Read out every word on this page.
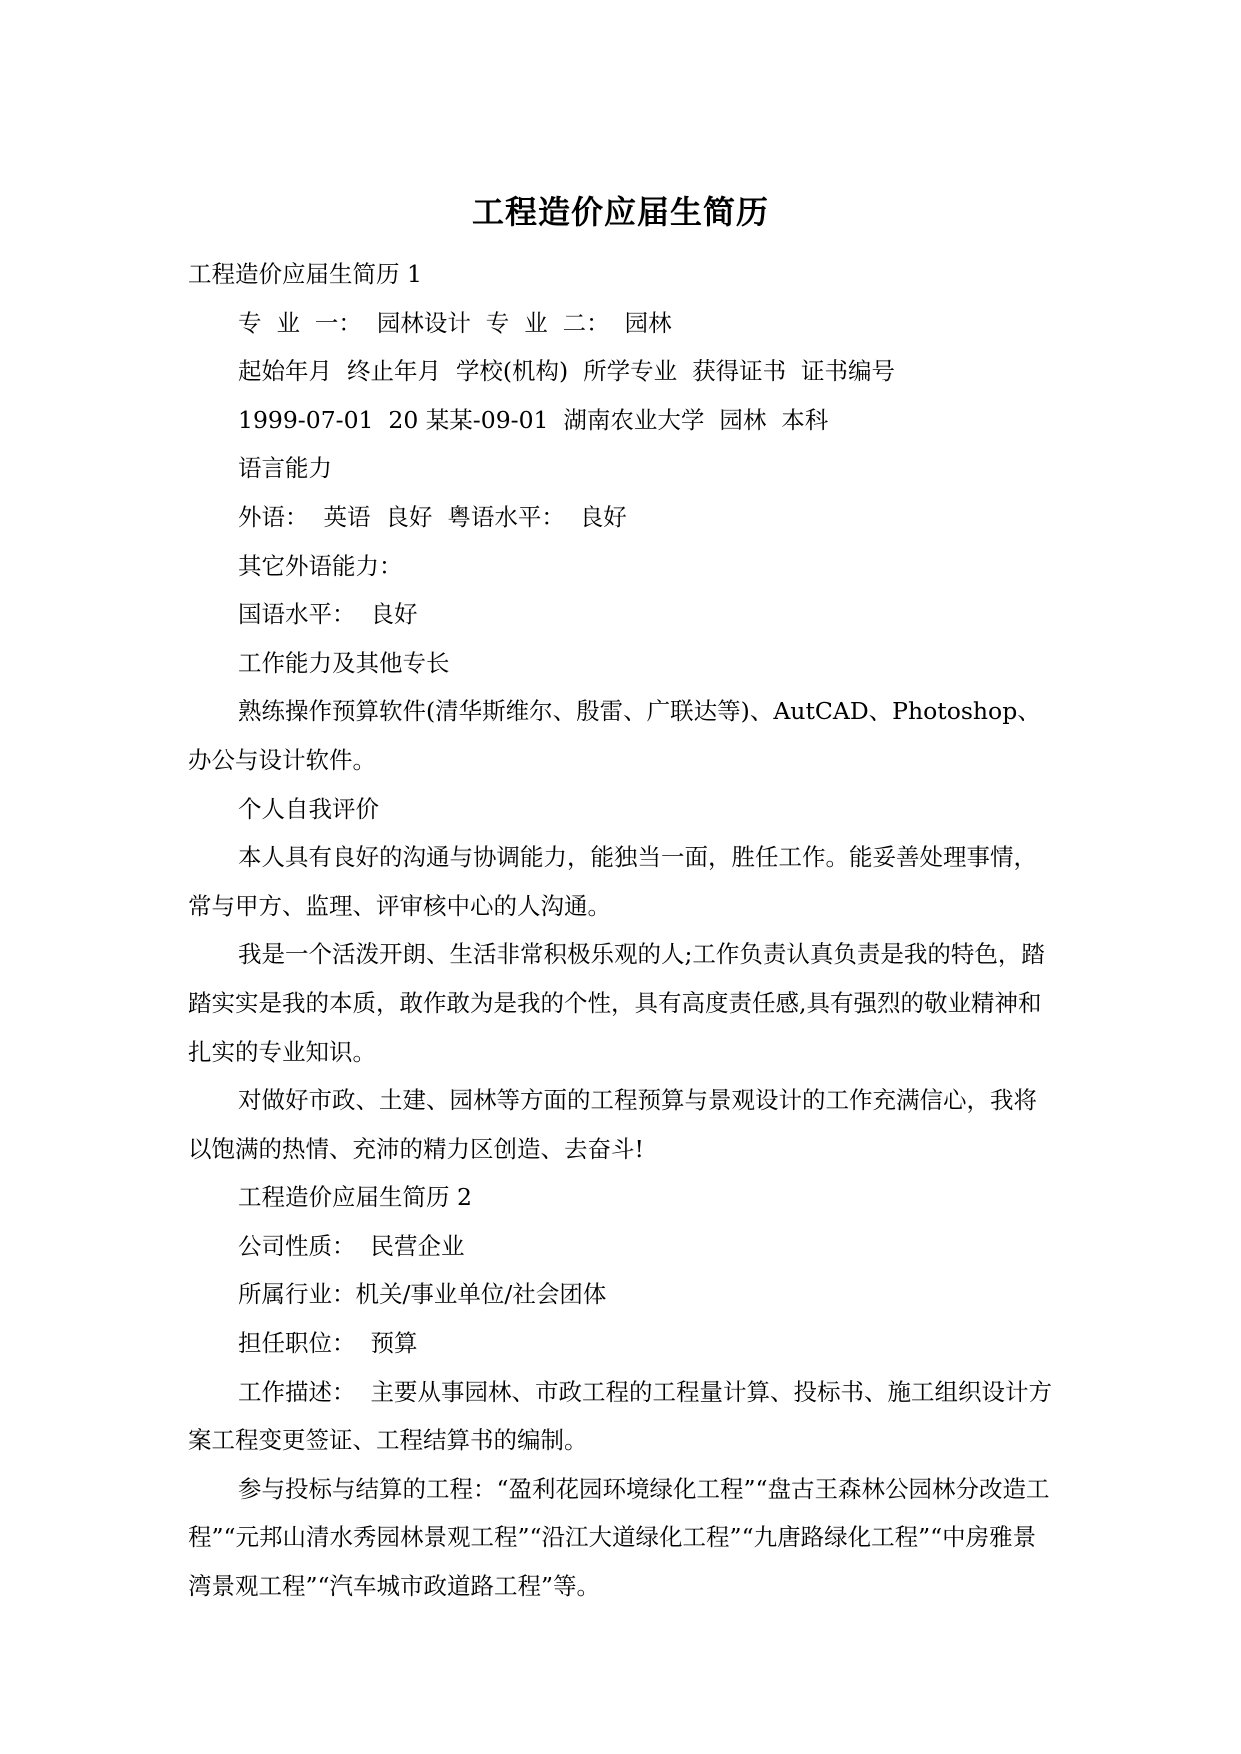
工程造价应届生简历

工程造价应届生简历 1

专  业  一：  园林设计  专  业  二：  园林

起始年月  终止年月  学校(机构)  所学专业  获得证书  证书编号

1999-07-01  20 某某-09-01  湖南农业大学  园林  本科

语言能力

外语：  英语  良好  粤语水平：  良好

其它外语能力：

国语水平：  良好

工作能力及其他专长

熟练操作预算软件(清华斯维尔、殷雷、广联达等)、AutCAD、Photoshop、办公与设计软件。

个人自我评价

本人具有良好的沟通与协调能力，能独当一面，胜任工作。能妥善处理事情，常与甲方、监理、评审核中心的人沟通。

我是一个活泼开朗、生活非常积极乐观的人;工作负责认真负责是我的特色，踏踏实实是我的本质，敢作敢为是我的个性，具有高度责任感,具有强烈的敬业精神和扎实的专业知识。

对做好市政、土建、园林等方面的工程预算与景观设计的工作充满信心，我将以饱满的热情、充沛的精力区创造、去奋斗!

工程造价应届生简历 2

公司性质：  民营企业

所属行业：机关/事业单位/社会团体

担任职位：  预算

工作描述：  主要从事园林、市政工程的工程量计算、投标书、施工组织设计方案工程变更签证、工程结算书的编制。

参与投标与结算的工程：“盈利花园环境绿化工程”“盘古王森林公园林分改造工程”“元邦山清水秀园林景观工程”“沿江大道绿化工程”“九唐路绿化工程”“中房雅景湾景观工程”“汽车城市政道路工程”等。
